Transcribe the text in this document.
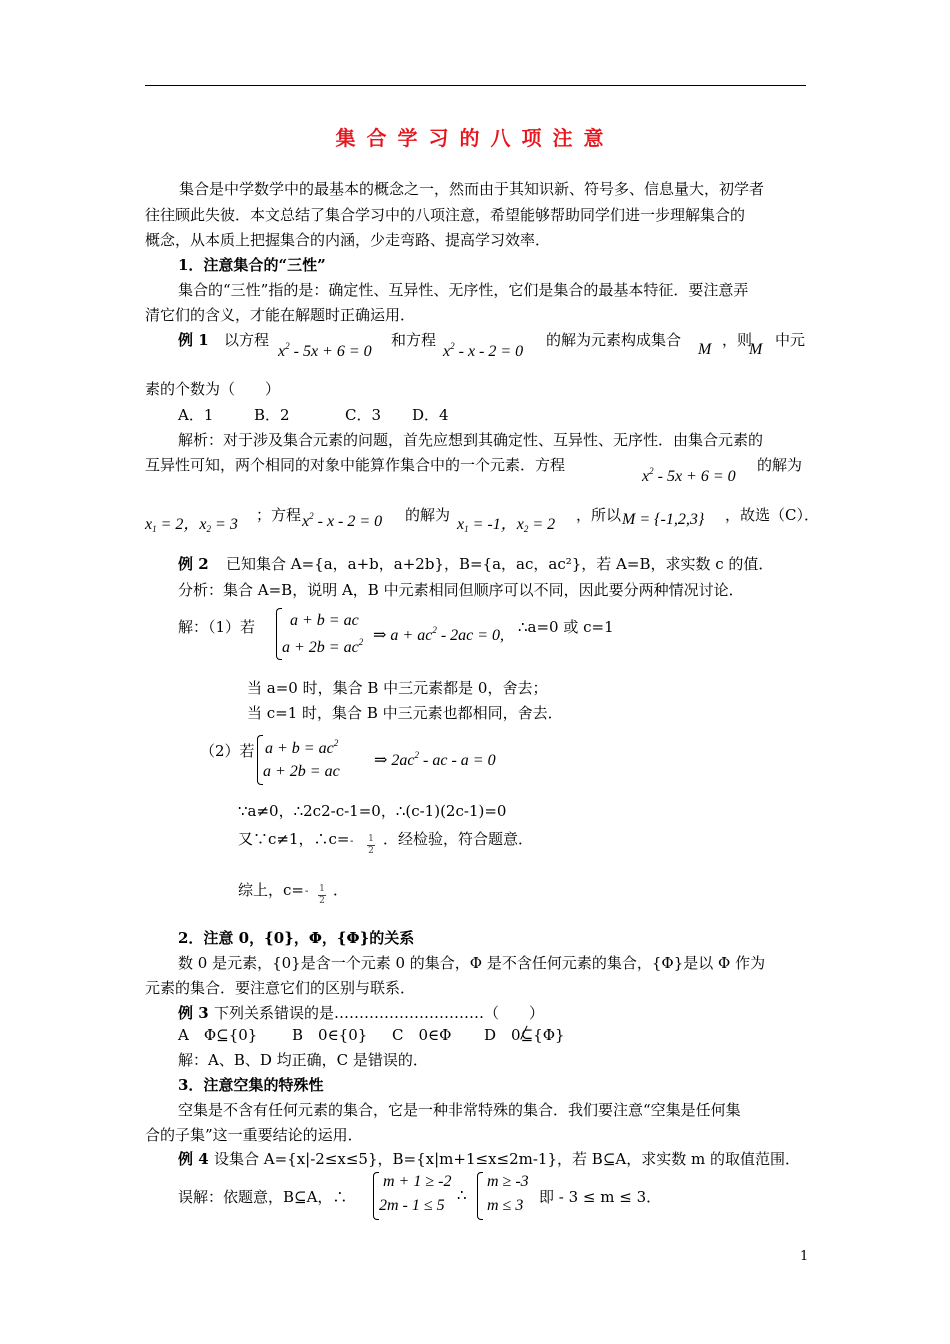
集合学习的八项注意
集合是中学数学中的最基本的概念之一，然而由于其知识新、符号多、信息量大，初学者
往往顾此失彼．本文总结了集合学习中的八项注意，希望能够帮助同学们进一步理解集合的
概念，从本质上把握集合的内涵，少走弯路、提高学习效率．
1．注意集合的“三性”
集合的“三性”指的是：确定性、互异性、无序性，它们是集合的最基本特征．要注意弄
清它们的含义，才能在解题时正确运用．
例 1 以方程
$x^2 - 5x + 6 = 0$
和方程
$x^2 - x - 2 = 0$
的解为元素构成集合
M
，则
M
中元
素的个数为（　　）
A．1	B．2	C．3 D．4
解析：对于涉及集合元素的问题，首先应想到其确定性、互异性、无序性．由集合元素的
互异性可知，两个相同的对象中能算作集合中的一个元素．方程
$x^2 - 5x + 6 = 0$
的解为
$x_1 = 2$，$x_2 = 3$
；方程 $x^2 - x - 2 = 0$ 的解为
$x_1 = -1$，$x_2 = 2$
，所以 M = {-1,2,3} ，故选（C）．
例 2 已知集合 A={a，a+b，a+2b}，B={a，ac，ac²}，若 A=B，求实数 c 的值．
分析：集合 A=B，说明 A，B 中元素相同但顺序可以不同，因此要分两种情况讨论．
解：（1）若 a + b = ac
$a + 2b = ac^2$ ⇒ $a + ac^2 - 2ac = 0$, ∴a=0 或 c=1
当 a=0 时，集合 B 中三元素都是 0，舍去；
当 c=1 时，集合 B 中三元素也都相同，舍去．
（2）若 $a + b = ac^2$
a + 2b = ac
⇒ $2ac^2$ - ac - a = 0
∵a≠0，∴2c2-c-1=0，∴(c-1)(2c-1)=0
又∵c≠1，∴c= - 1
2
．经检验，符合题意．
综上，c= - 1
2
．
2．注意 0，{0}，Φ，{Φ}的关系
数 0 是元素，{0}是含一个元素 0 的集合，Φ 是不含任何元素的集合，{Φ}是以 Φ 作为
元素的集合．要注意它们的区别与联系．
例 3 下列关系错误的是…………………………（　　）
A　Φ⊆{0} B　0∈{0} C　0∈Φ D　0⊆{Φ}
解：A、B、D 均正确，C 是错误的．
3．注意空集的特殊性
空集是不含有任何元素的集合，它是一种非常特殊的集合．我们要注意“空集是任何集
合的子集”这一重要结论的运用．
例 4 设集合 A={x|-2≤x≤5}，B={x|m+1≤x≤2m-1}，若 B⊆A，求实数 m 的取值范围．
误解：依题意，B⊆A，∴
m + 1 ≥ -2
2m - 1 ≤ 5
∴
m ≥ -3
m ≤ 3 即 - 3 ≤ m ≤ 3．
1
